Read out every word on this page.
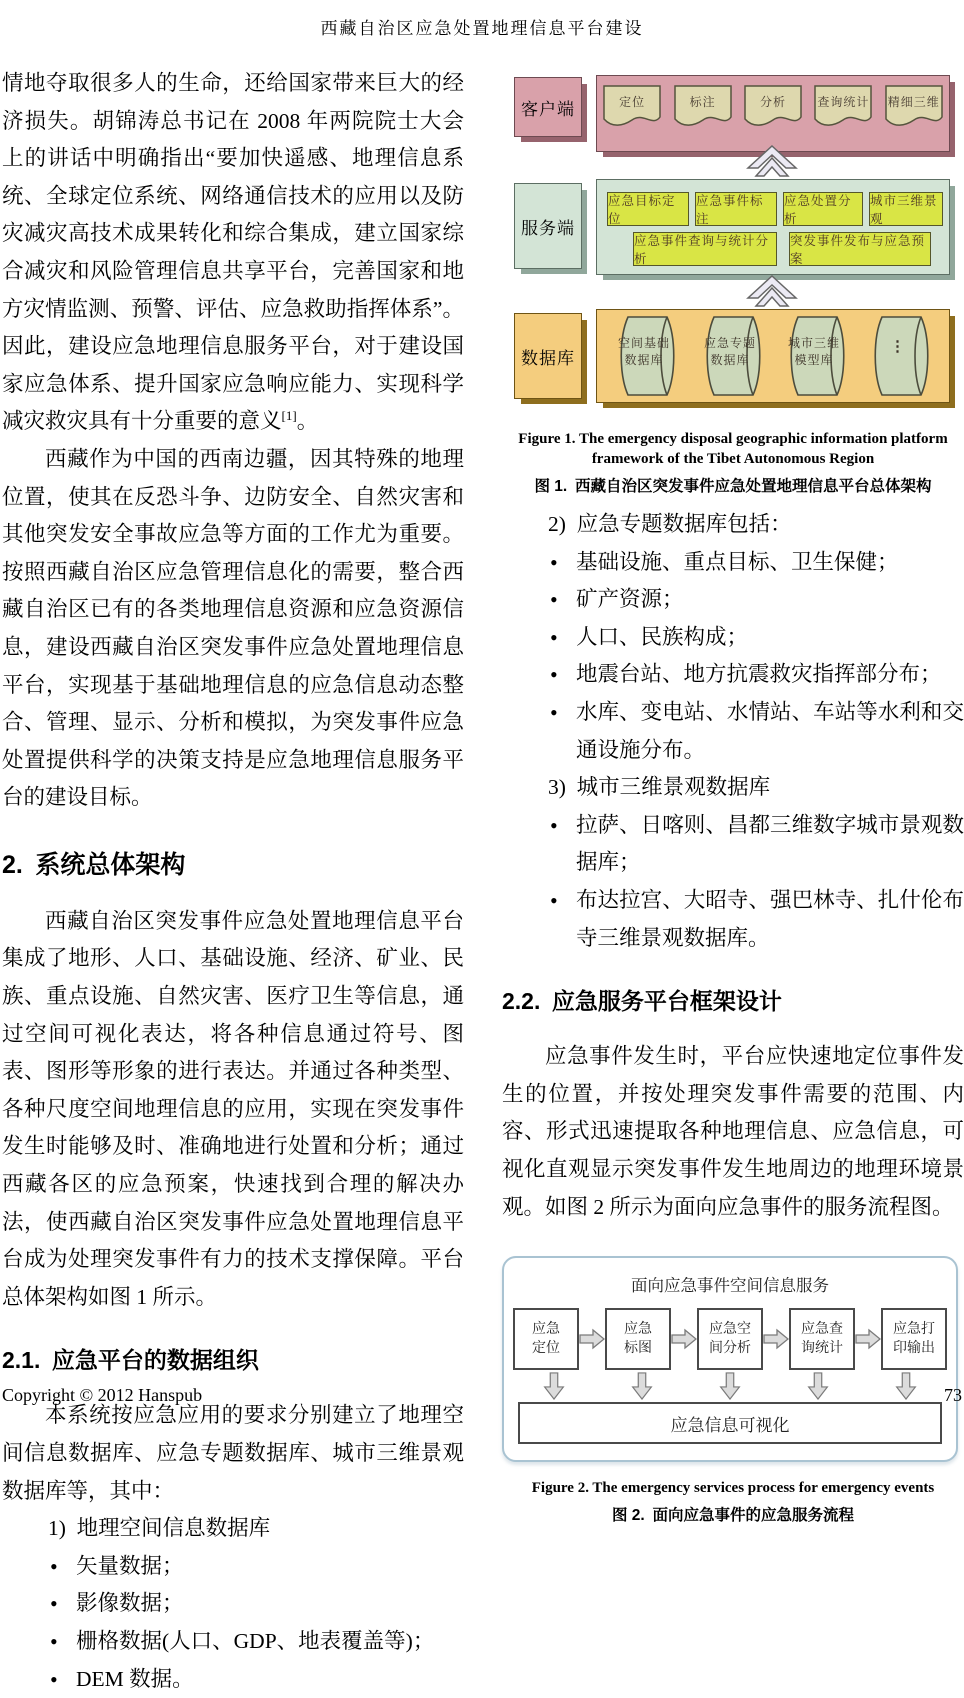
西藏自治区应急处置地理信息平台建设

情地夺取很多人的生命，还给国家带来巨大的经济损失。胡锦涛总书记在 2008 年两院院士大会上的讲话中明确指出“要加快遥感、地理信息系统、全球定位系统、网络通信技术的应用以及防灾减灾高技术成果转化和综合集成，建立国家综合减灾和风险管理信息共享平台，完善国家和地方灾情监测、预警、评估、应急救助指挥体系”。因此，建设应急地理信息服务平台，对于建设国家应急体系、提升国家应急响应能力、实现科学减灾救灾具有十分重要的意义[1]。

西藏作为中国的西南边疆，因其特殊的地理位置，使其在反恐斗争、边防安全、自然灾害和其他突发安全事故应急等方面的工作尤为重要。按照西藏自治区应急管理信息化的需要，整合西藏自治区已有的各类地理信息资源和应急资源信息，建设西藏自治区突发事件应急处置地理信息平台，实现基于基础地理信息的应急信息动态整合、管理、显示、分析和模拟，为突发事件应急处置提供科学的决策支持是应急地理信息服务平台的建设目标。

2. 系统总体架构

西藏自治区突发事件应急处置地理信息平台集成了地形、人口、基础设施、经济、矿业、民族、重点设施、自然灾害、医疗卫生等信息，通过空间可视化表达，将各种信息通过符号、图表、图形等形象的进行表达。并通过各种类型、各种尺度空间地理信息的应用，实现在突发事件发生时能够及时、准确地进行处置和分析；通过西藏各区的应急预案，快速找到合理的解决办法，使西藏自治区突发事件应急处置地理信息平台成为处理突发事件有力的技术支撑保障。平台总体架构如图 1 所示。

2.1. 应急平台的数据组织

本系统按应急应用的要求分别建立了地理空间信息数据库、应急专题数据库、城市三维景观数据库等，其中：

1) 地理空间信息数据库
• 矢量数据；
• 影像数据；
• 栅格数据(人口、GDP、地表覆盖等)；
• DEM 数据。
客户端	定位	标注	分析	查询统计 精细三维
服务端
应急目标定位
应急事件标注
应急处置分析
城市三维景观
应急事件查询与统计分析
突发事件发布与应急预案
数据库
空间基础
数据库
应急专题
数据库
城市三维
模型库
⋮
Figure 1. The emergency disposal geographic information platform
framework of the Tibet Autonomous Region
图 1. 西藏自治区突发事件应急处置地理信息平台总体架构
2) 应急专题数据库包括：
• 基础设施、重点目标、卫生保健；
• 矿产资源；
• 人口、民族构成；
• 地震台站、地方抗震救灾指挥部分布；
• 水库、变电站、水情站、车站等水利和交通设施分布。
3) 城市三维景观数据库
• 拉萨、日喀则、昌都三维数字城市景观数据库；
• 布达拉宫、大昭寺、强巴林寺、扎什伦布寺三维景观数据库。
2.2. 应急服务平台框架设计

应急事件发生时，平台应快速地定位事件发生的位置，并按处理突发事件需要的范围、内容、形式迅速提取各种地理信息、应急信息，可视化直观显示突发事件发生地周边的地理环境景观。如图 2 所示为面向应急事件的服务流程图。

面向应急事件空间信息服务
应急
定位
应急
标图
应急空
间分析
应急查
询统计
应急打
印输出
应急信息可视化
Figure 2. The emergency services process for emergency events
图 2. 面向应急事件的应急服务流程
Copyright © 2012 Hanspub	73
